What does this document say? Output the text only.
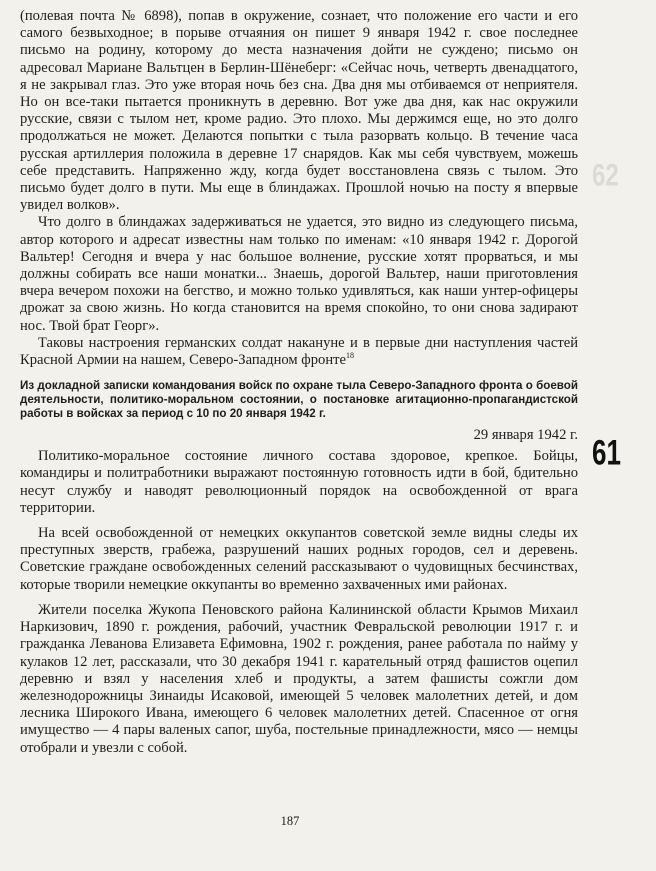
62

(полевая почта № 6898), попав в окружение, сознает, что положение его части и его самого безвыходное; в порыве отчаяния он пишет 9 января 1942 г. свое последнее письмо на родину, которому до места назначения дойти не суждено; письмо он адресовал Мариане Вальтцен в Берлин-Шёнеберг: «Сейчас ночь, четверть двенадцатого, я не закрывал глаз. Это уже вторая ночь без сна. Два дня мы отбиваемся от неприятеля. Но он все-таки пытается проникнуть в деревню. Вот уже два дня, как нас окружили русские, связи с тылом нет, кроме радио. Это плохо. Мы держимся еще, но это долго продолжаться не может. Делаются попытки с тыла разорвать кольцо. В течение часа русская артиллерия положила в деревне 17 снарядов. Как мы себя чувствуем, можешь себе представить. Напряженно жду, когда будет восстановлена связь с тылом. Это письмо будет долго в пути. Мы еще в блиндажах. Прошлой ночью на посту я впервые увидел волков».

Что долго в блиндажах задерживаться не удается, это видно из следующего письма, автор которого и адресат известны нам только по именам: «10 января 1942 г. Дорогой Вальтер! Сегодня и вчера у нас большое волнение, русские хотят прорваться, и мы должны собирать все наши монатки... Знаешь, дорогой Вальтер, наши приготовления вчера вечером похожи на бегство, и можно только удивляться, как наши унтер-офицеры дрожат за свою жизнь. Но когда становится на время спокойно, то они снова задирают нос. Твой брат Георг».

Таковы настроения германских солдат накануне и в первые дни наступления частей Красной Армии на нашем, Северо-Западном фронте$^{18}$

Из докладной записки командования войск по охране тыла Северо-Западного фронта о боевой деятельности, политико-моральном состоянии, о постановке агитационно-пропагандистской работы в войсках за период с 10 по 20 января 1942 г.
29 января 1942 г.

Политико-моральное состояние личного состава здоровое, крепкое. Бойцы, командиры и политработники выражают постоянную готовность идти в бой, бдительно несут службу и наводят революционный порядок на освобожденной от врага территории.

На всей освобожденной от немецких оккупантов советской земле видны следы их преступных зверств, грабежа, разрушений наших родных городов, сел и деревень. Советские граждане освобожденных селений рассказывают о чудовищных бесчинствах, которые творили немецкие оккупанты во временно захваченных ими районах.

Жители поселка Жукопа Пеновского района Калининской области Крымов Михаил Наркизович, 1890 г. рождения, рабочий, участник Февральской революции 1917 г. и гражданка Леванова Елизавета Ефимовна, 1902 г. рождения, ранее работала по найму у кулаков 12 лет, рассказали, что 30 декабря 1941 г. карательный отряд фашистов оцепил деревню и взял у населения хлеб и продукты, а затем фашисты сожгли дом железнодорожницы Зинаиды Исаковой, имеющей 5 человек малолетних детей, и дом лесника Широкого Ивана, имеющего 6 человек малолетних детей. Спасенное от огня имущество — 4 пары валеных сапог, шуба, постельные принадлежности, мясо — немцы отобрали и увезли с собой.

61
187
